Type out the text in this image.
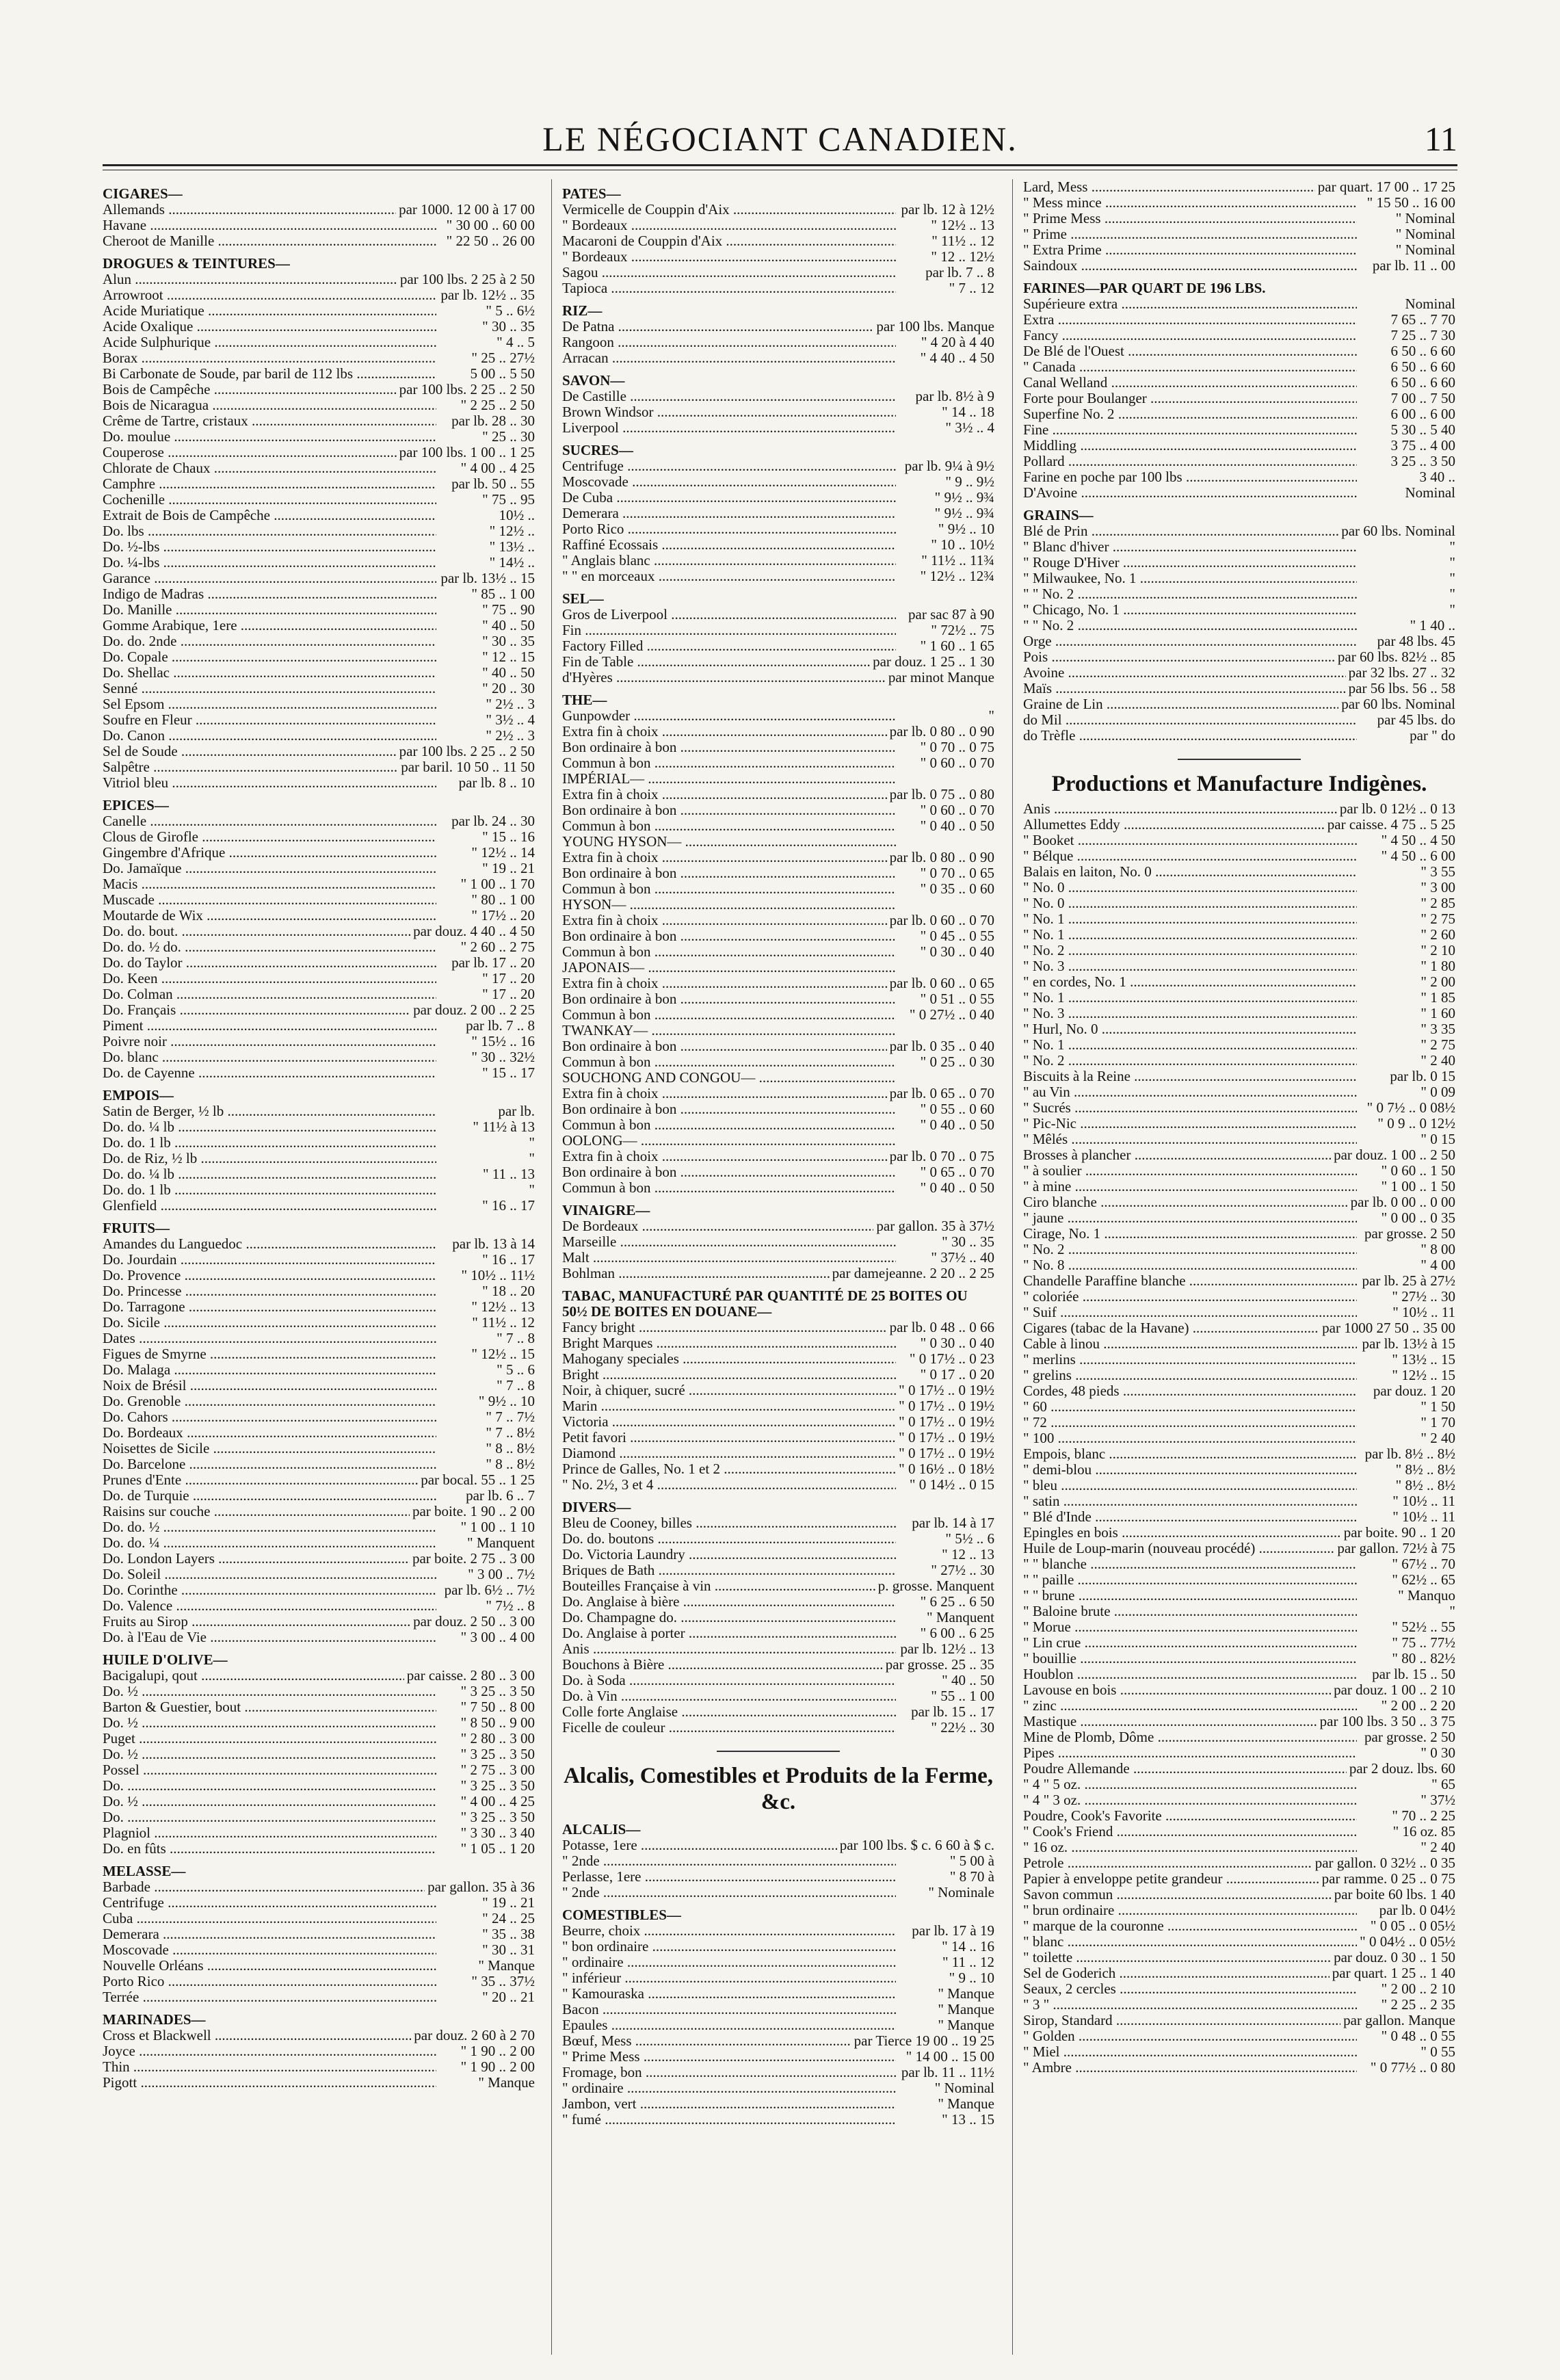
LE NÉGOCIANT CANADIEN.	11
CIGARES—
Allemands .....	par 1000. 12 00 à 17 00
Havane .....	" 30 00 .. 60 00
Cheroot de Manille .....	" 22 50 .. 26 00
DROGUES & TEINTURES—
Alun .....	par 100 lbs. 2 25 à 2 50
Arrowroot .....	par lb. 12½ .. 35
Acide Muriatique .....	" 5 .. 6½
Acide Oxalique .....	" 30 .. 35
Acide Sulphurique .....	" 4 .. 5
Borax .....	" 25 .. 27½
Bi Carbonate de Soude, par baril de 112 lbs .....	5 00 .. 5 50
Bois de Campêche .....	par 100 lbs. 2 25 .. 2 50
Bois de Nicaragua .....	" 2 25 .. 2 50
Crême de Tartre, cristaux .....	par lb. 28 .. 30
Do. moulue .....	" 25 .. 30
Couperose .....	par 100 lbs. 1 00 .. 1 25
Chlorate de Chaux .....	" 4 00 .. 4 25
Camphre .....	par lb. 50 .. 55
Cochenille .....	" 75 .. 95
Extrait de Bois de Campêche .....	10½ ..
Do. lbs .....	" 12½ ..
Do. ½-lbs .....	" 13½ ..
Do. ¼-lbs .....	" 14½ ..
Garance .....	par lb. 13½ .. 15
Indigo de Madras .....	" 85 .. 1 00
Do. Manille .....	" 75 .. 90
Gomme Arabique, 1ere .....	" 40 .. 50
Do. do. 2nde .....	" 30 .. 35
Do. Copale .....	" 12 .. 15
Do. Shellac .....	" 40 .. 50
Senné .....	" 20 .. 30
Sel Epsom .....	" 2½ .. 3
Soufre en Fleur .....	" 3½ .. 4
Do. Canon .....	" 2½ .. 3
Sel de Soude .....	par 100 lbs. 2 25 .. 2 50
Salpêtre .....	par baril. 10 50 .. 11 50
Vitriol bleu .....	par lb. 8 .. 10
EPICES—
Canelle .....	par lb. 24 .. 30
Clous de Girofle .....	" 15 .. 16
Gingembre d'Afrique .....	" 12½ .. 14
Do. Jamaïque .....	" 19 .. 21
Macis .....	" 1 00 .. 1 70
Muscade .....	" 80 .. 1 00
Moutarde de Wix .....	" 17½ .. 20
Do. do. bout. .....	par douz. 4 40 .. 4 50
Do. do. ½ do. .....	" 2 60 .. 2 75
Do. do Taylor .....	par lb. 17 .. 20
Do. Keen .....	" 17 .. 20
Do. Colman .....	" 17 .. 20
Do. Français .....	par douz. 2 00 .. 2 25
Piment .....	par lb. 7 .. 8
Poivre noir .....	" 15½ .. 16
Do. blanc .....	" 30 .. 32½
Do. de Cayenne .....	" 15 .. 17
EMPOIS—
Satin de Berger, ½ lb .....	par lb.
Do. do. ¼ lb .....	" 11½ à 13
Do. do. 1 lb .....	"
Do. de Riz, ½ lb .....	"
Do. do. ¼ lb .....	" 11 .. 13
Do. do. 1 lb .....	"
Glenfield .....	" 16 .. 17
FRUITS—
Amandes du Languedoc .....	par lb. 13 à 14
Do. Jourdain .....	" 16 .. 17
Do. Provence .....	" 10½ .. 11½
Do. Princesse .....	" 18 .. 20
Do. Tarragone .....	" 12½ .. 13
Do. Sicile .....	" 11½ .. 12
Dates .....	" 7 .. 8
Figues de Smyrne .....	" 12½ .. 15
Do. Malaga .....	" 5 .. 6
Noix de Brésil .....	" 7 .. 8
Do. Grenoble .....	" 9½ .. 10
Do. Cahors .....	" 7 .. 7½
Do. Bordeaux .....	" 7 .. 8½
Noisettes de Sicile .....	" 8 .. 8½
Do. Barcelone .....	" 8 .. 8½
Prunes d'Ente .....	par bocal. 55 .. 1 25
Do. de Turquie .....	par lb. 6 .. 7
Raisins sur couche .....	par boite. 1 90 .. 2 00
Do. do. ½ .....	" 1 00 .. 1 10
Do. do. ¼ .....	" Manquent
Do. London Layers .....	par boite. 2 75 .. 3 00
Do. Soleil .....	" 3 00 .. 7½
Do. Corinthe .....	par lb. 6½ .. 7½
Do. Valence .....	" 7½ .. 8
Fruits au Sirop .....	par douz. 2 50 .. 3 00
Do. à l'Eau de Vie .....	" 3 00 .. 4 00
HUILE D'OLIVE—
Bacigalupi, qout .....	par caisse. 2 80 .. 3 00
Do. ½ .....	" 3 25 .. 3 50
Barton & Guestier, bout .....	" 7 50 .. 8 00
Do. ½ .....	" 8 50 .. 9 00
Puget .....	" 2 80 .. 3 00
Do. ½ .....	" 3 25 .. 3 50
Possel .....	" 2 75 .. 3 00
Do. .....	" 3 25 .. 3 50
Do. ½ .....	" 4 00 .. 4 25
Do. .....	" 3 25 .. 3 50
Plagniol .....	" 3 30 .. 3 40
Do. en fûts .....	" 1 05 .. 1 20
MELASSE—
Barbade .....	par gallon. 35 à 36
Centrifuge .....	" 19 .. 21
Cuba .....	" 24 .. 25
Demerara .....	" 35 .. 38
Moscovade .....	" 30 .. 31
Nouvelle Orléans .....	" Manque
Porto Rico .....	" 35 .. 37½
Terrée .....	" 20 .. 21
MARINADES—
Cross et Blackwell .....	par douz. 2 60 à 2 70
Joyce .....	" 1 90 .. 2 00
Thin .....	" 1 90 .. 2 00
Pigott .....	" Manque
PATES—
Vermicelle de Couppin d'Aix .....	par lb. 12 à 12½
" Bordeaux .....	" 12½ .. 13
Macaroni de Couppin d'Aix .....	" 11½ .. 12
" Bordeaux .....	" 12 .. 12½
Sagou .....	par lb. 7 .. 8
Tapioca .....	" 7 .. 12
RIZ—
De Patna .....	par 100 lbs. Manque
Rangoon .....	" 4 20 à 4 40
Arracan .....	" 4 40 .. 4 50
SAVON—
De Castille .....	par lb. 8½ à 9
Brown Windsor .....	" 14 .. 18
Liverpool .....	" 3½ .. 4
SUCRES—
Centrifuge .....	par lb. 9¼ à 9½
Moscovade .....	" 9 .. 9½
De Cuba .....	" 9½ .. 9¾
Demerara .....	" 9½ .. 9¾
Porto Rico .....	" 9½ .. 10
Raffiné Ecossais .....	" 10 .. 10½
" Anglais blanc .....	" 11½ .. 11¾
" " en morceaux .....	" 12½ .. 12¾
SEL—
Gros de Liverpool .....	par sac 87 à 90
Fin .....	" 72½ .. 75
Factory Filled .....	" 1 60 .. 1 65
Fin de Table .....	par douz. 1 25 .. 1 30
d'Hyères .....	par minot Manque
THE—
Gunpowder .....	"
Extra fin à choix .....	par lb. 0 80 .. 0 90
Bon ordinaire à bon .....	" 0 70 .. 0 75
Commun à bon .....	" 0 60 .. 0 70
IMPÉRIAL— .....
Extra fin à choix .....	par lb. 0 75 .. 0 80
Bon ordinaire à bon .....	" 0 60 .. 0 70
Commun à bon .....	" 0 40 .. 0 50
YOUNG HYSON— .....
Extra fin à choix .....	par lb. 0 80 .. 0 90
Bon ordinaire à bon .....	" 0 70 .. 0 65
Commun à bon .....	" 0 35 .. 0 60
HYSON— .....
Extra fin à choix .....	par lb. 0 60 .. 0 70
Bon ordinaire à bon .....	" 0 45 .. 0 55
Commun à bon .....	" 0 30 .. 0 40
JAPONAIS— .....
Extra fin à choix .....	par lb. 0 60 .. 0 65
Bon ordinaire à bon .....	" 0 51 .. 0 55
Commun à bon .....	" 0 27½ .. 0 40
TWANKAY— .....
Bon ordinaire à bon .....	par lb. 0 35 .. 0 40
Commun à bon .....	" 0 25 .. 0 30
SOUCHONG AND CONGOU— .....
Extra fin à choix .....	par lb. 0 65 .. 0 70
Bon ordinaire à bon .....	" 0 55 .. 0 60
Commun à bon .....	" 0 40 .. 0 50
OOLONG— .....
Extra fin à choix .....	par lb. 0 70 .. 0 75
Bon ordinaire à bon .....	" 0 65 .. 0 70
Commun à bon .....	" 0 40 .. 0 50
VINAIGRE—
De Bordeaux .....	par gallon. 35 à 37½
Marseille .....	" 30 .. 35
Malt .....	" 37½ .. 40
Bohlman .....	par damejeanne. 2 20 .. 2 25
TABAC, MANUFACTURÉ PAR QUANTITÉ DE 25 BOITES OU 50½ DE BOITES EN DOUANE—
Fancy bright .....	par lb. 0 48 .. 0 66
Bright Marques .....	" 0 30 .. 0 40
Mahogany speciales .....	" 0 17½ .. 0 23
Bright .....	" 0 17 .. 0 20
Noir, à chiquer, sucré .....	" 0 17½ .. 0 19½
Marin .....	" 0 17½ .. 0 19½
Victoria .....	" 0 17½ .. 0 19½
Petit favori .....	" 0 17½ .. 0 19½
Diamond .....	" 0 17½ .. 0 19½
Prince de Galles, No. 1 et 2 .....	" 0 16½ .. 0 18½
" No. 2½, 3 et 4 .....	" 0 14½ .. 0 15
DIVERS—
Bleu de Cooney, billes .....	par lb. 14 à 17
Do. do. boutons .....	" 5½ .. 6
Do. Victoria Laundry .....	" 12 .. 13
Briques de Bath .....	" 27½ .. 30
Bouteilles Française à vin .....	p. grosse. Manquent
Do. Anglaise à bière .....	" 6 25 .. 6 50
Do. Champagne do. .....	" Manquent
Do. Anglaise à porter .....	" 6 00 .. 6 25
Anis .....	par lb. 12½ .. 13
Bouchons à Bière .....	par grosse. 25 .. 35
Do. à Soda .....	" 40 .. 50
Do. à Vin .....	" 55 .. 1 00
Colle forte Anglaise .....	par lb. 15 .. 17
Ficelle de couleur .....	" 22½ .. 30
Alcalis, Comestibles et Produits de la Ferme, &c.
ALCALIS—
Potasse, 1ere .....	par 100 lbs. $ c. 6 60 à $ c.
" 2nde .....	" 5 00 à
Perlasse, 1ere .....	" 8 70 à
" 2nde .....	" Nominale
COMESTIBLES—
Beurre, choix .....	par lb. 17 à 19
" bon ordinaire .....	" 14 .. 16
" ordinaire .....	" 11 .. 12
" inférieur .....	" 9 .. 10
" Kamouraska .....	" Manque
Bacon .....	" Manque
Epaules .....	" Manque
Bœuf, Mess .....	par Tierce 19 00 .. 19 25
" Prime Mess .....	" 14 00 .. 15 00
Fromage, bon .....	par lb. 11 .. 11½
" ordinaire .....	" Nominal
Jambon, vert .....	" Manque
" fumé .....	" 13 .. 15
Lard, Mess .....	par quart. 17 00 .. 17 25
" Mess mince .....	" 15 50 .. 16 00
" Prime Mess .....	" Nominal
" Prime .....	" Nominal
" Extra Prime .....	" Nominal
Saindoux .....	par lb. 11 .. 00
FARINES—PAR QUART DE 196 LBS.
Supérieure extra .....	Nominal
Extra .....	7 65 .. 7 70
Fancy .....	7 25 .. 7 30
De Blé de l'Ouest .....	6 50 .. 6 60
" Canada .....	6 50 .. 6 60
Canal Welland .....	6 50 .. 6 60
Forte pour Boulanger .....	7 00 .. 7 50
Superfine No. 2 .....	6 00 .. 6 00
Fine .....	5 30 .. 5 40
Middling .....	3 75 .. 4 00
Pollard .....	3 25 .. 3 50
Farine en poche par 100 lbs .....	3 40 ..
D'Avoine .....	Nominal
GRAINS—
Blé de Prin .....	par 60 lbs. Nominal
" Blanc d'hiver .....	"
" Rouge D'Hiver .....	"
" Milwaukee, No. 1 .....	"
" " No. 2 .....	"
" Chicago, No. 1 .....	"
" " No. 2 .....	" 1 40 ..
Orge .....	par 48 lbs. 45
Pois .....	par 60 lbs. 82½ .. 85
Avoine .....	par 32 lbs. 27 .. 32
Maïs .....	par 56 lbs. 56 .. 58
Graine de Lin .....	par 60 lbs. Nominal
do Mil .....	par 45 lbs. do
do Trèfle .....	par " do
Productions et Manufacture Indigènes.
Anis .....	par lb. 0 12½ .. 0 13
Allumettes Eddy .....	par caisse. 4 75 .. 5 25
" Booket .....	" 4 50 .. 4 50
" Bélque .....	" 4 50 .. 6 00
Balais en laiton, No. 0 .....	" 3 55
" No. 0 .....	" 3 00
" No. 0 .....	" 2 85
" No. 1 .....	" 2 75
" No. 1 .....	" 2 60
" No. 2 .....	" 2 10
" No. 3 .....	" 1 80
" en cordes, No. 1 .....	" 2 00
" No. 1 .....	" 1 85
" No. 3 .....	" 1 60
" Hurl, No. 0 .....	" 3 35
" No. 1 .....	" 2 75
" No. 2 .....	" 2 40
Biscuits à la Reine .....	par lb. 0 15
" au Vin .....	" 0 09
" Sucrés .....	" 0 7½ .. 0 08½
" Pic-Nic .....	" 0 9 .. 0 12½
" Mêlés .....	" 0 15
Brosses à plancher .....	par douz. 1 00 .. 2 50
" à soulier .....	" 0 60 .. 1 50
" à mine .....	" 1 00 .. 1 50
Ciro blanche .....	par lb. 0 00 .. 0 00
" jaune .....	" 0 00 .. 0 35
Cirage, No. 1 .....	par grosse. 2 50
" No. 2 .....	" 8 00
" No. 8 .....	" 4 00
Chandelle Paraffine blanche .....	par lb. 25 à 27½
" coloriée .....	" 27½ .. 30
" Suif .....	" 10½ .. 11
Cigares (tabac de la Havane) .....	par 1000 27 50 .. 35 00
Cable à linou .....	par lb. 13½ à 15
" merlins .....	" 13½ .. 15
" grelins .....	" 12½ .. 15
Cordes, 48 pieds .....	par douz. 1 20
" 60 .....	" 1 50
" 72 .....	" 1 70
" 100 .....	" 2 40
Empois, blanc .....	par lb. 8½ .. 8½
" demi-blou .....	" 8½ .. 8½
" bleu .....	" 8½ .. 8½
" satin .....	" 10½ .. 11
" Blé d'Inde .....	" 10½ .. 11
Epingles en bois .....	par boite. 90 .. 1 20
Huile de Loup-marin (nouveau procédé) .....	par gallon. 72½ à 75
" " blanche .....	" 67½ .. 70
" " paille .....	" 62½ .. 65
" " brune .....	" Manquo
" Baloine brute .....	"
" Morue .....	" 52½ .. 55
" Lin crue .....	" 75 .. 77½
" bouillie .....	" 80 .. 82½
Houblon .....	par lb. 15 .. 50
Lavouse en bois .....	par douz. 1 00 .. 2 10
" zinc .....	" 2 00 .. 2 20
Mastique .....	par 100 lbs. 3 50 .. 3 75
Mine de Plomb, Dôme .....	par grosse. 2 50
Pipes .....	" 0 30
Poudre Allemande .....	par 2 douz. lbs. 60
" 4 " 5 oz. .....	" 65
" 4 " 3 oz. .....	" 37½
Poudre, Cook's Favorite .....	" 70 .. 2 25
" Cook's Friend .....	" 16 oz. 85
" 16 oz. .....	" 2 40
Petrole .....	par gallon. 0 32½ .. 0 35
Papier à enveloppe petite grandeur .....	par ramme. 0 25 .. 0 75
Savon commun .....	par boite 60 lbs. 1 40
" brun ordinaire .....	par lb. 0 04½
" marque de la couronne .....	" 0 05 .. 0 05½
" blanc .....	" 0 04½ .. 0 05½
" toilette .....	par douz. 0 30 .. 1 50
Sel de Goderich .....	par quart. 1 25 .. 1 40
Seaux, 2 cercles .....	" 2 00 .. 2 10
" 3 " .....	" 2 25 .. 2 35
Sirop, Standard .....	par gallon. Manque
" Golden .....	" 0 48 .. 0 55
" Miel .....	" 0 55
" Ambre .....	" 0 77½ .. 0 80
